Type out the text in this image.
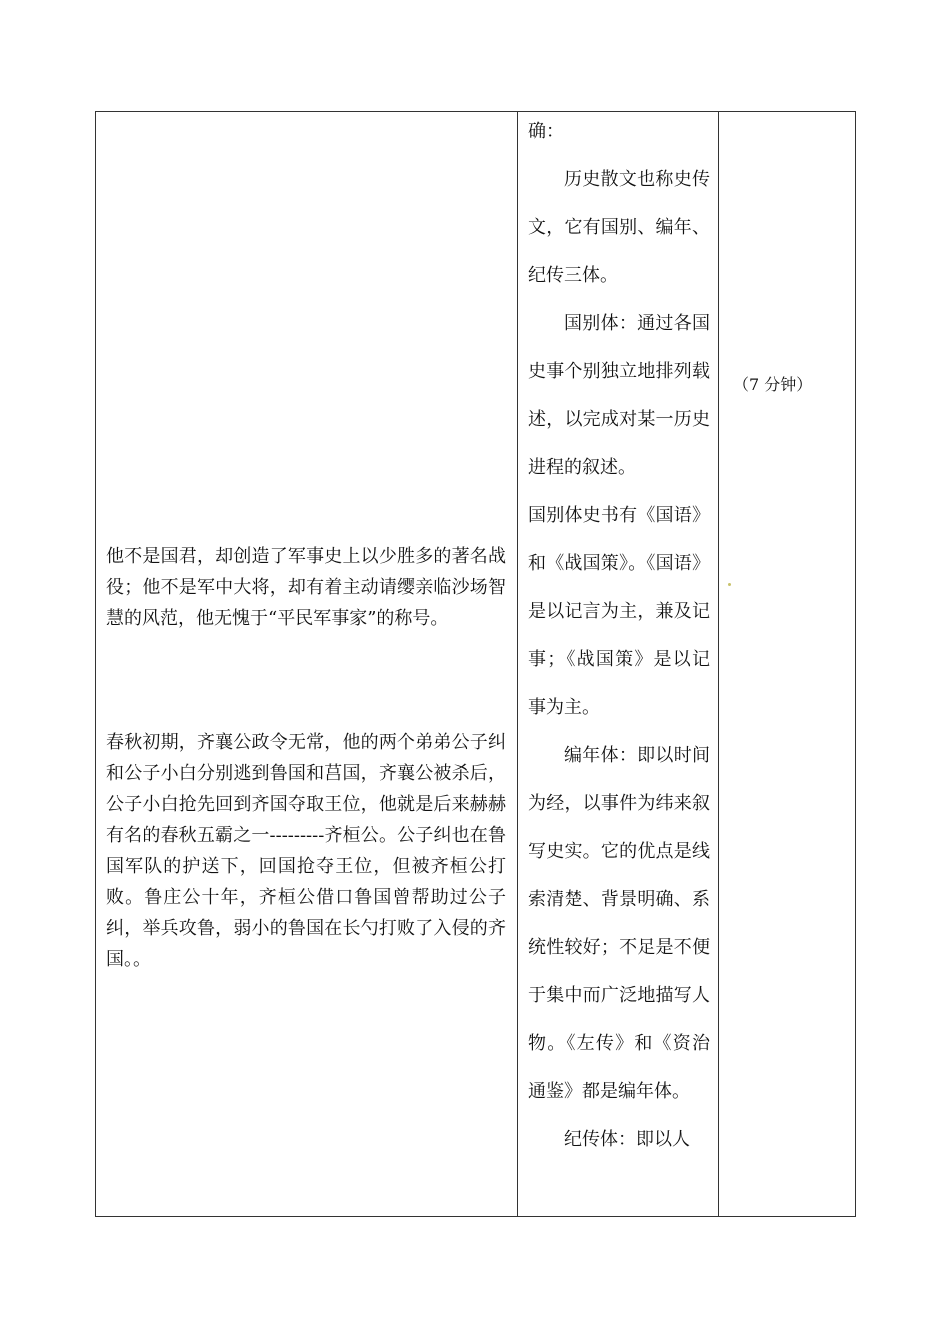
他不是国君，却创造了军事史上以少胜多的著名战役；他不是军中大将，却有着主动请缨亲临沙场智慧的风范，他无愧于“平民军事家”的称号。

春秋初期，齐襄公政令无常，他的两个弟弟公子纠和公子小白分别逃到鲁国和莒国，齐襄公被杀后，公子小白抢先回到齐国夺取王位，他就是后来赫赫有名的春秋五霸之一---------齐桓公。公子纠也在鲁国军队的护送下，回国抢夺王位，但被齐桓公打败。鲁庄公十年，齐桓公借口鲁国曾帮助过公子纠，举兵攻鲁，弱小的鲁国在长勺打败了入侵的齐国。。

确：

历史散文也称史传文，它有国别、编年、纪传三体。

国别体：通过各国史事个别独立地排列载述，以完成对某一历史进程的叙述。

国别体史书有《国语》和《战国策》。《国语》是以记言为主，兼及记事；《战国策》是以记事为主。

编年体：即以时间为经，以事件为纬来叙写史实。它的优点是线索清楚、背景明确、系统性较好；不足是不便于集中而广泛地描写人物。《左传》和《资治通鉴》都是编年体。

纪传体：即以人

（7 分钟）
